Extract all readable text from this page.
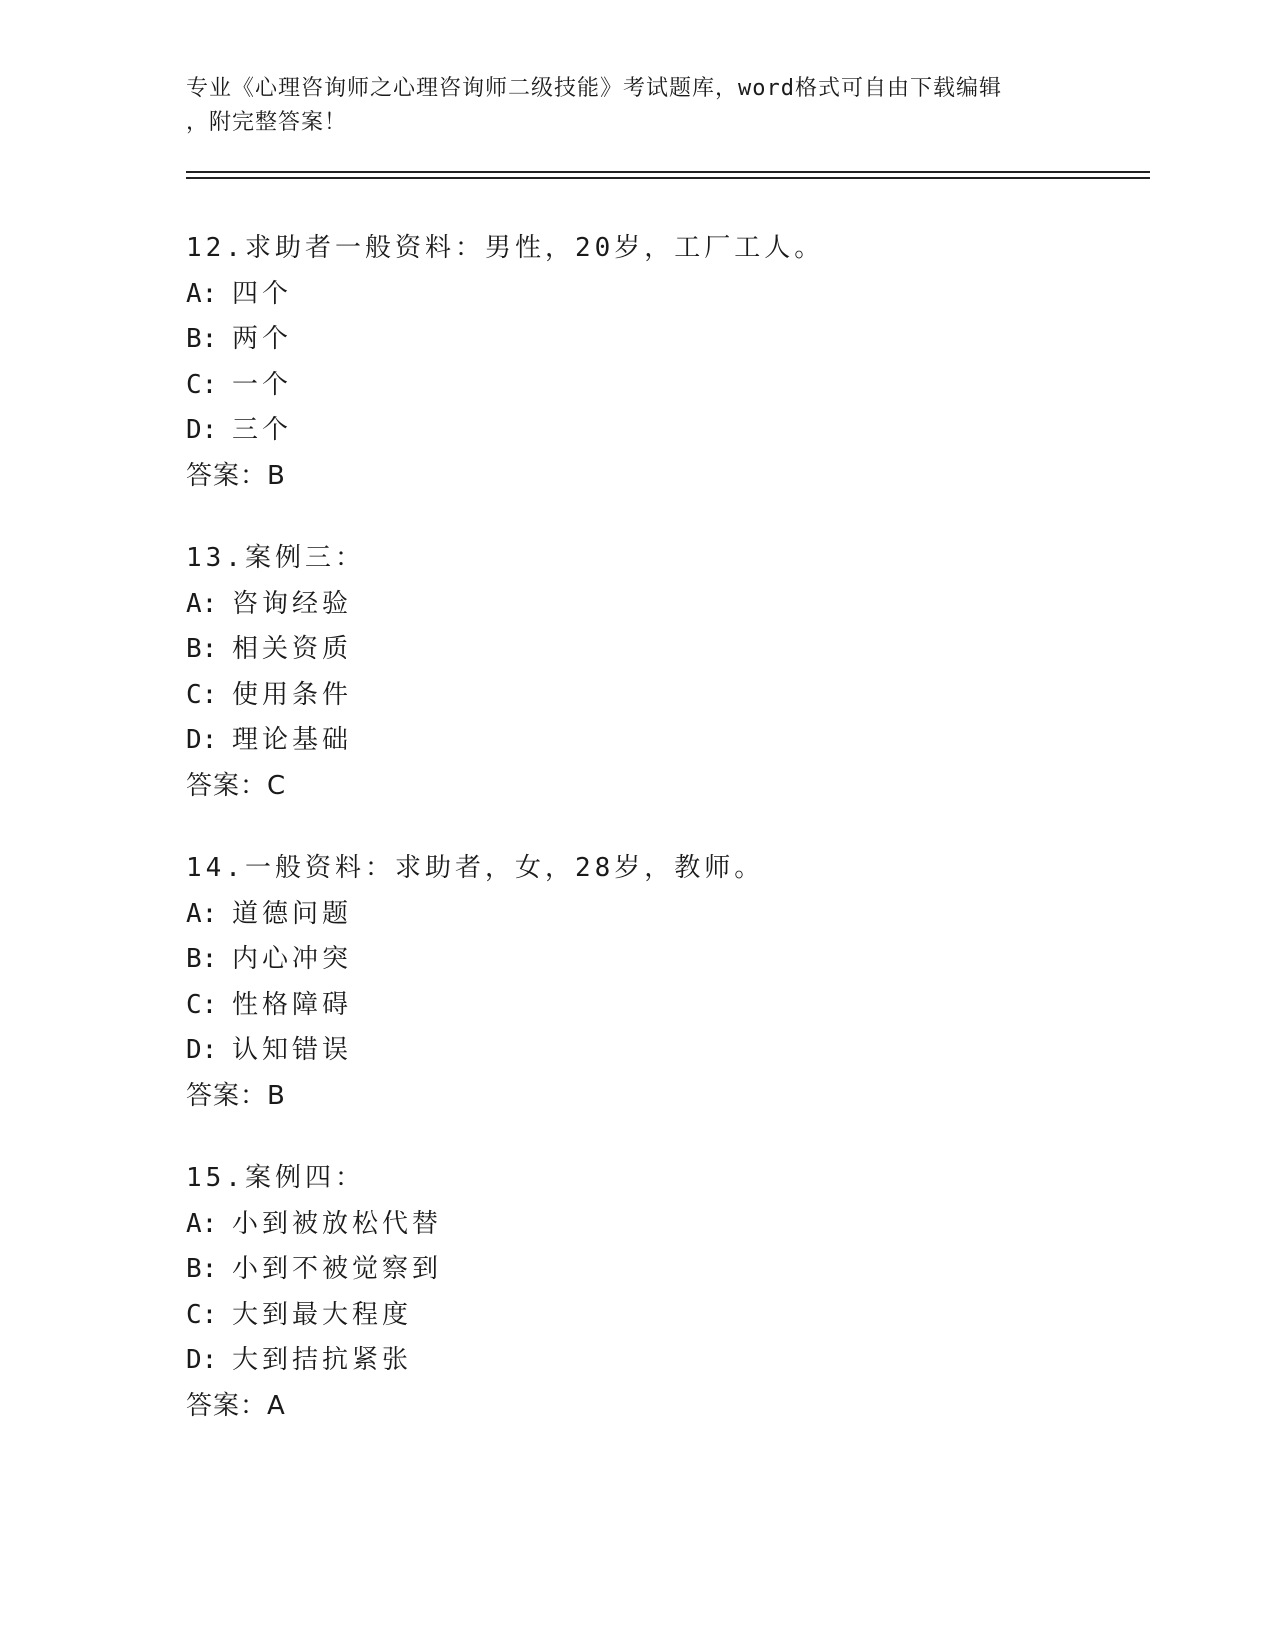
专业《心理咨询师之心理咨询师二级技能》考试题库，word格式可自由下载编辑
，附完整答案！
12.求助者一般资料：男性，20岁，工厂工人。
A: 四个
B: 两个
C: 一个
D: 三个
答案：B
13.案例三：
A: 咨询经验
B: 相关资质
C: 使用条件
D: 理论基础
答案：C
14.一般资料：求助者，女，28岁，教师。
A: 道德问题
B: 内心冲突
C: 性格障碍
D: 认知错误
答案：B
15.案例四：
A: 小到被放松代替
B: 小到不被觉察到
C: 大到最大程度
D: 大到拮抗紧张
答案：A
